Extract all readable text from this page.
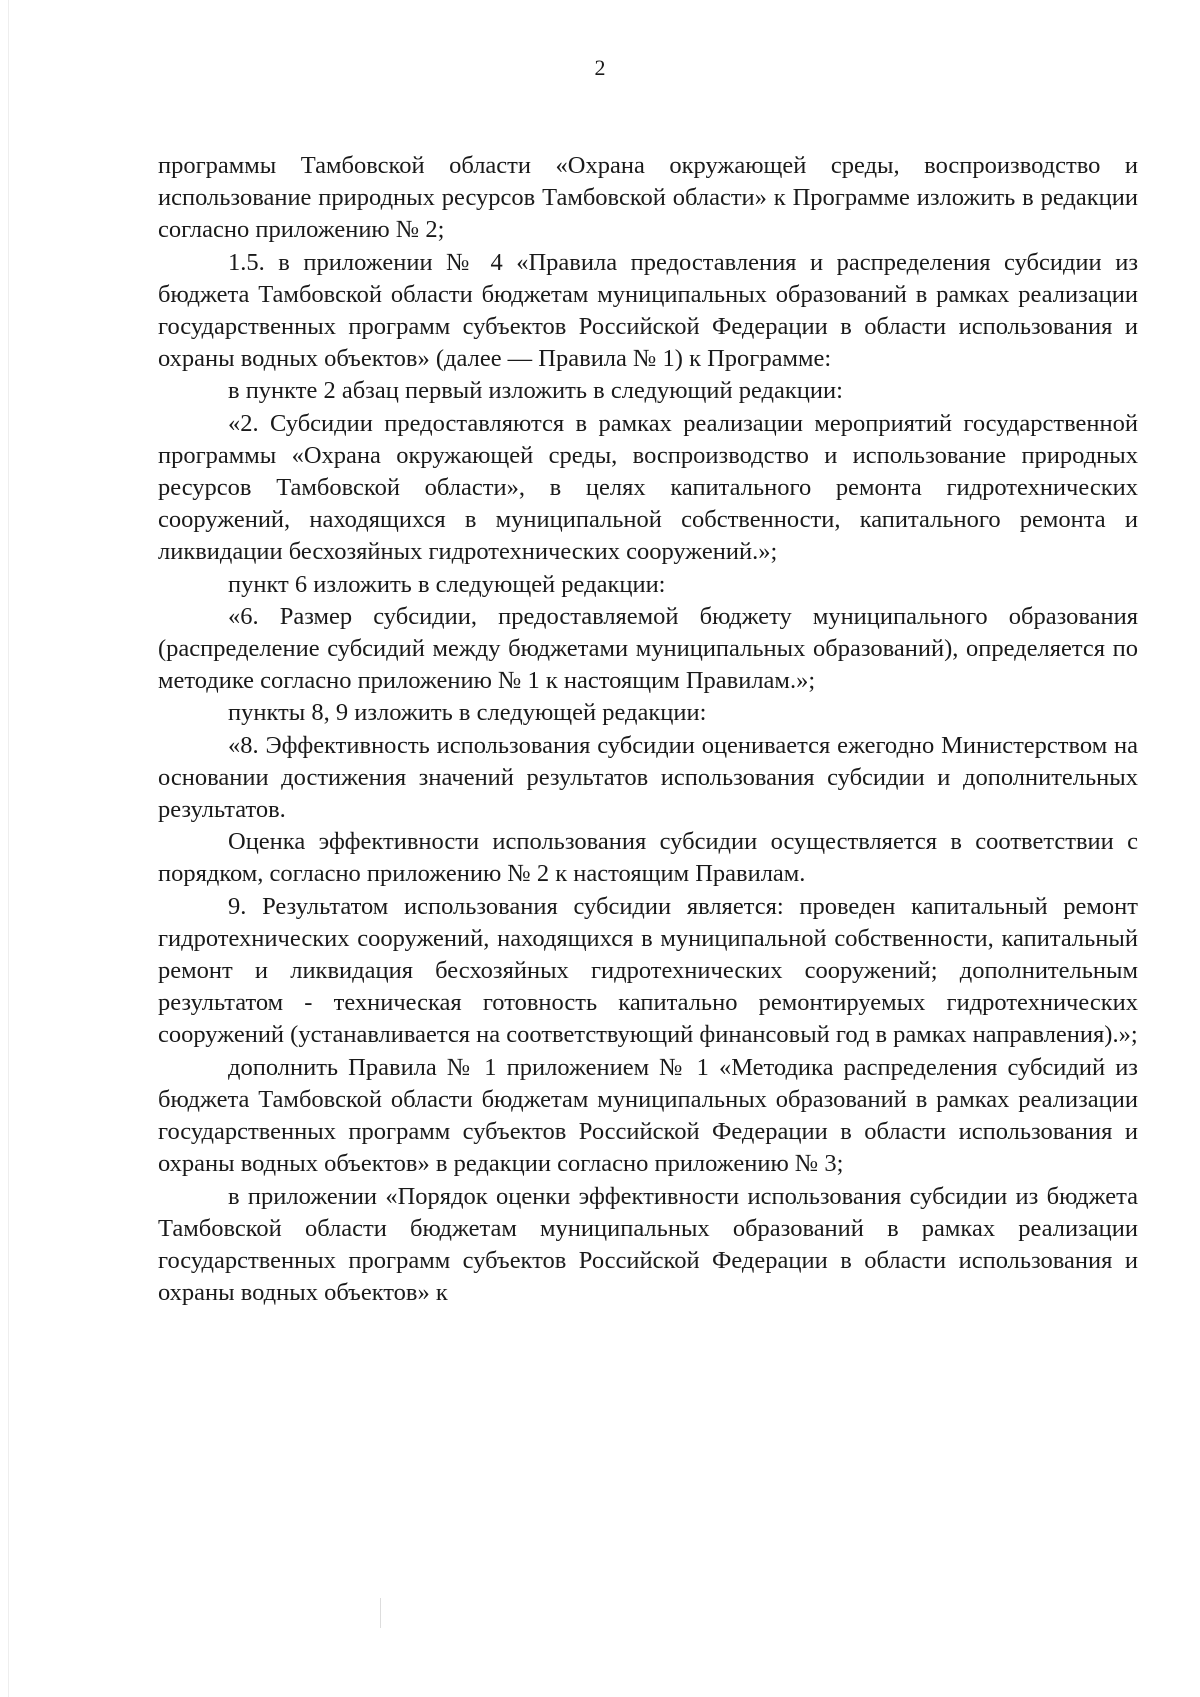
2

программы Тамбовской области «Охрана окружающей среды, воспроизводство и использование природных ресурсов Тамбовской области» к Программе изложить в редакции согласно приложению № 2;

1.5. в приложении № 4 «Правила предоставления и распределения субсидии из бюджета Тамбовской области бюджетам муниципальных образований в рамках реализации государственных программ субъектов Российской Федерации в области использования и охраны водных объектов» (далее — Правила № 1) к Программе:

в пункте 2 абзац первый изложить в следующий редакции:

«2. Субсидии предоставляются в рамках реализации мероприятий государственной программы «Охрана окружающей среды, воспроизводство и использование природных ресурсов Тамбовской области», в целях капитального ремонта гидротехнических сооружений, находящихся в муниципальной собственности, капитального ремонта и ликвидации бесхозяйных гидротехнических сооружений.»;

пункт 6 изложить в следующей редакции:

«6. Размер субсидии, предоставляемой бюджету муниципального образования (распределение субсидий между бюджетами муниципальных образований), определяется по методике согласно приложению № 1 к настоящим Правилам.»;

пункты 8, 9 изложить в следующей редакции:

«8. Эффективность использования субсидии оценивается ежегодно Министерством на основании достижения значений результатов использования субсидии и дополнительных результатов.

Оценка эффективности использования субсидии осуществляется в соответствии с порядком, согласно приложению № 2 к настоящим Правилам.

9. Результатом использования субсидии является: проведен капитальный ремонт гидротехнических сооружений, находящихся в муниципальной собственности, капитальный ремонт и ликвидация бесхозяйных гидротехнических сооружений; дополнительным результатом - техническая готовность капитально ремонтируемых гидротехнических сооружений (устанавливается на соответствующий финансовый год в рамках направления).»;

дополнить Правила № 1 приложением № 1 «Методика распределения субсидий из бюджета Тамбовской области бюджетам муниципальных образований в рамках реализации государственных программ субъектов Российской Федерации в области использования и охраны водных объектов» в редакции согласно приложению № 3;

в приложении «Порядок оценки эффективности использования субсидии из бюджета Тамбовской области бюджетам муниципальных образований в рамках реализации государственных программ субъектов Российской Федерации в области использования и охраны водных объектов» к
